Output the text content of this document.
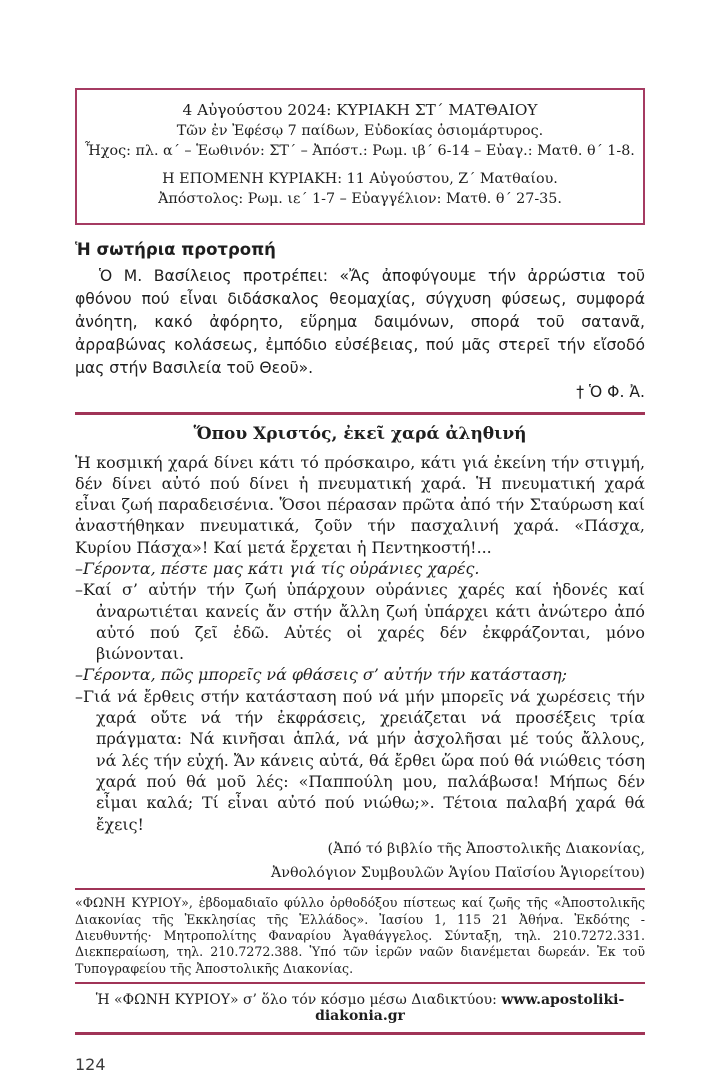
4 Αὐγούστου 2024: ΚΥΡΙΑΚΗ ΣΤ´ ΜΑΤΘΑΙΟΥ

Τῶν ἐν Ἐφέσῳ 7 παίδων, Εὐδοκίας ὁσιομάρτυρος.

Ἦχος: πλ. α´ – Ἑωθινόν: ΣΤ´ – Ἀπόστ.: Ρωμ. ιβ´ 6-14 – Εὐαγ.: Ματθ. θ´ 1-8.

Η ΕΠΟΜΕΝΗ ΚΥΡΙΑΚΗ: 11 Αὐγούστου, Ζ´ Ματθαίου.

Ἀπόστολος: Ρωμ. ιε´ 1-7 – Εὐαγγέλιον: Ματθ. θ´ 27-35.

Ἡ σωτήρια προτροπή

Ὁ Μ. Βασίλειος προτρέπει: «Ἄς ἀποφύγουμε τήν ἀρρώστια τοῦ φθόνου πού εἶναι διδάσκαλος θεομαχίας, σύγχυση φύσεως, συμφορά ἀνόητη, κακό ἀφόρητο, εὕρημα δαιμόνων, σπορά τοῦ σατανᾶ, ἀρραβώνας κολάσεως, ἐμπόδιο εὐσέβειας, πού μᾶς στερεῖ τήν εἴσοδό μας στήν Βασιλεία τοῦ Θεοῦ».

† Ὁ Φ. Ἀ.

Ὅπου Χριστός, ἐκεῖ χαρά ἀληθινή

Ἡ κοσμική χαρά δίνει κάτι τό πρόσκαιρο, κάτι γιά ἐκείνη τήν στιγμή, δέν δίνει αὐτό πού δίνει ἡ πνευματική χαρά. Ἡ πνευματική χαρά εἶναι ζωή παραδεισένια. Ὅσοι πέρασαν πρῶτα ἀπό τήν Σταύρωση καί ἀναστήθηκαν πνευματικά, ζοῦν τήν πασχαλινή χαρά. «Πάσχα, Κυρίου Πάσχα»! Καί μετά ἔρχεται ἡ Πεντηκοστή!...

–Γέροντα, πέστε μας κάτι γιά τίς οὐράνιες χαρές.

–Καί σ’ αὐτήν τήν ζωή ὑπάρχουν οὐράνιες χαρές καί ἡδονές καί ἀναρωτιέται κανείς ἄν στήν ἄλλη ζωή ὑπάρχει κάτι ἀνώτερο ἀπό αὐτό πού ζεῖ ἐδῶ. Αὐτές οἱ χαρές δέν ἐκφράζονται, μόνο βιώνονται.

–Γέροντα, πῶς μπορεῖς νά φθάσεις σ’ αὐτήν τήν κατάσταση;

–Γιά νά ἔρθεις στήν κατάσταση πού νά μήν μπορεῖς νά χωρέσεις τήν χαρά οὔτε νά τήν ἐκφράσεις, χρειάζεται νά προσέξεις τρία πράγματα: Νά κινῆσαι ἁπλά, νά μήν ἀσχολῆσαι μέ τούς ἄλλους, νά λές τήν εὐχή. Ἄν κάνεις αὐτά, θά ἔρθει ὥρα πού θά νιώθεις τόση χαρά πού θά μοῦ λές: «Παππούλη μου, παλάβωσα! Μήπως δέν εἶμαι καλά; Τί εἶναι αὐτό πού νιώθω;». Τέτοια παλαβή χαρά θά ἔχεις!

(Ἀπό τό βιβλίο τῆς Ἀποστολικῆς Διακονίας,

Ἀνθολόγιον Συμβουλῶν Ἁγίου Παϊσίου Ἁγιορείτου)

«ΦΩΝΗ ΚΥΡΙΟΥ», ἑβδομαδιαῖο φύλλο ὀρθοδόξου πίστεως καί ζωῆς τῆς «Ἀποστολικῆς Διακονίας τῆς Ἐκκλησίας τῆς Ἑλλάδος». Ἰασίου 1, 115 21 Ἀθήνα. Ἐκδότης - Διευθυντής· Μητροπολίτης Φαναρίου Ἀγαθάγγελος. Σύνταξη, τηλ. 210.7272.331. Διεκπεραίωση, τηλ. 210.7272.388. Ὑπό τῶν ἱερῶν ναῶν διανέμεται δωρεάν. Ἐκ τοῦ Τυπογραφείου τῆς Ἀποστολικῆς Διακονίας.

Ἡ «ΦΩΝΗ ΚΥΡΙΟΥ» σ’ ὅλο τόν κόσμο μέσω Διαδικτύου: www.apostoliki-diakonia.gr

124
